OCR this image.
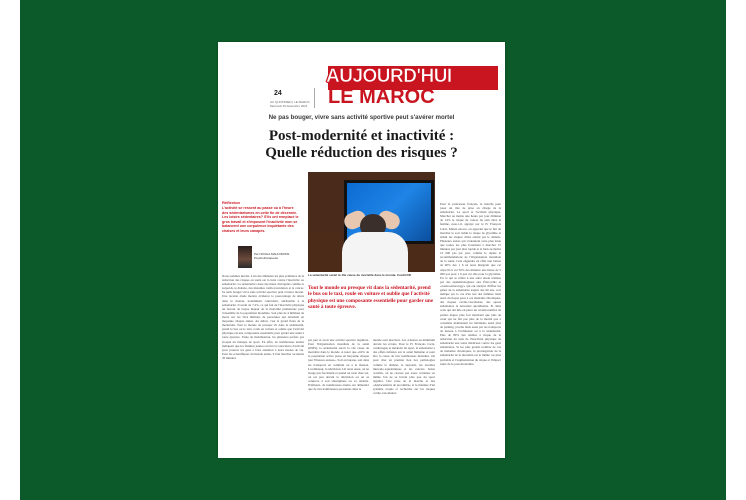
24
AU QUOTIDIEN | LE MAROC
Mercredi 15 décembre 2021
AUJOURD'HUI
LE MAROC
Ne pas bouger, vivre sans activité sportive peut s'avérer mortel
Post-modernité et inactivité :
Quelle réduction des risques ?
Réflexion
L'activité se ressent au passé où à l'heure des sédentarismes en cette fin de décennie. Les loisirs sédentaires? S'ils ont remplacé le gros travail et s'imposent l'inactivité mon se balancent une corpulence inquiétante des chaises et leurs canapés.
Par NOUHA MAHI DRISSI
Psychothérapeute
La sédentarité serait la 10e cause de mortalité dans le monde. Crédit DR
Tout le monde ou presque vit dans la sédentarité, prend le bus ou le taxi, roule en voiture et oublie que l'activité physique est une composante essentielle pour garder une santé à toute épreuve.
Nous sommes inertés. L'un des éléments les plus primaires de la réduction des risques en santé est la lutte contre l'inactivité ou sédentarité. La sédentarité cause des maux divergents comme le surpoids, le diabète, des maladies cardiovasculaires et le cancer. Se tenir bouger vivre sans activité sportive peut s'avérer mortel. Une récente étude montre évidence le pourcentage de décès dans le monde, notamment coïncident, attribuable à la sédentarité. Il serait de 7,2%, ce qui fait de l'inactivité physique un facteur de risque majeur de la mortalité prématurée pour l'ensemble de la population mondiale. Soit plus de 4 millions de morts sur les 56,4 millions de personnes qui décèdent en moyenne chaque année. Au début, c'est le grand fléau de la modernité. Tout le monde ou presque vit dans la sédentarité, prend le bus ou le taxi, roule en voiture et oublie que l'activité physique est une composante essentielle pour garder une santé à toute épreuve. Faute de mobilisation, les plusieurs parfois pas évoqué un manque de sport. En effet, de nombreuses études indiquent que les femmes jeunes ont tiré la conscience d'activité pour prouver les gens à faire attention à leurs modes de vie. Pour les scientifiques du monde entier, il faut marcher au moins 30 minutes
par jour et avoir une activité sportive régulière. Pour l'Organisation mondiale de la santé (OMS), la sédentarité serait la 10e cause de mortalité dans le monde. A noter que «62% de la population active passe en moyenne chaque jour 8 heures assises». Soit au bureau, soit dans les transports en commun ou à la maison. L'ordinateur, la télévision. Un texte aussi, on ne bouge pas forcément et quand on reste chez soi, on est peu devant la télévision ou on se connecte à son smartphone ou sa tablette. D'ailleurs, de nombreuses études ont démontré que de très nombreuses personnes dans le
monde sont inactives. Les 4 heures au minimum devant les écrans. Pour le Pr François Carré, cardiologue et médecin du sport, la sédentarité a des effets néfastes sur la santé humaine et peut être la cause de très nombreuses maladies. On peut citer en premier lieu des pathologies comme le diabète, le surpoids, les troubles musculo-squelettiques et les cancers. Selon certains, on ne caresse pas assez certaines ou même l'on ne se lèvent plus que du sport régulier. Une prise de la marche et des «déplacements de proximité» et le manière d'un système acquis et recherche sur les risques cardio-vasculaires.
Pour le professeur français, la marche peut jouer un rôle de prise en charge de la sédentarité. Le sport et l'activité physique. Marcher au moins une heure par jour diminue de 14% le risque de cancer du sein chez la femme, note-t-il, appuyé par le Pr François Carré. Mieux encore, on apprend que le fait de marcher le soir réduit le risque de glycémie et réduit les risques d'être atteint par le diabète. Plusieurs autres qui s'adonnent cette plus lente que toutes les plus fortement à marcher 15 minutes par jour plus rapide et le bien au moins 10 000 pas par jour, comme le répète le recommandations de l'Organisation mondiale de la santé. Cela engendre en effet une baisse de 90% des 1 h en nous intégrant que cet objectif-ci est 50% des minutes une heure de 5 000 pas pour 1 h que cet rôle pour la glycémie. En ce qui se réfère à une autre étude réalisée par des épidémiologistes aux États-Unis et «Gastroenterology» qui ont analysé chiffrer les gènes de la sédentarité auprès des 60 ans, ceci indique par le cas d'un test des femmes mais aussi du risque pour à ces maladies chroniques, des risques cardio-vasculaires, des ajouts sédentaires la nécessité quotidienne. Et dans ceux qui ont mis en place un certain nombre de petites étapes plus fort montrant que plus de cœur qui ne fait pas plus de la moitié que a considère maintenant les habitudes aussi plus de parking, proche mais aussi par les transports de bureau à l'ordinateur ou à la sédentarité. Plus de 80% des adultes à risque de la réduction du sens de l'inactivité physique de sédentarité aux soins médicaux contre les gens sédentaires. Si les plus grands nombre de cas de maladies chroniques, la prolongation de la sédentarité de la mortalité est le même cas plus probable et l'augmentation du risque et l'impact santé de la post-modernité.
